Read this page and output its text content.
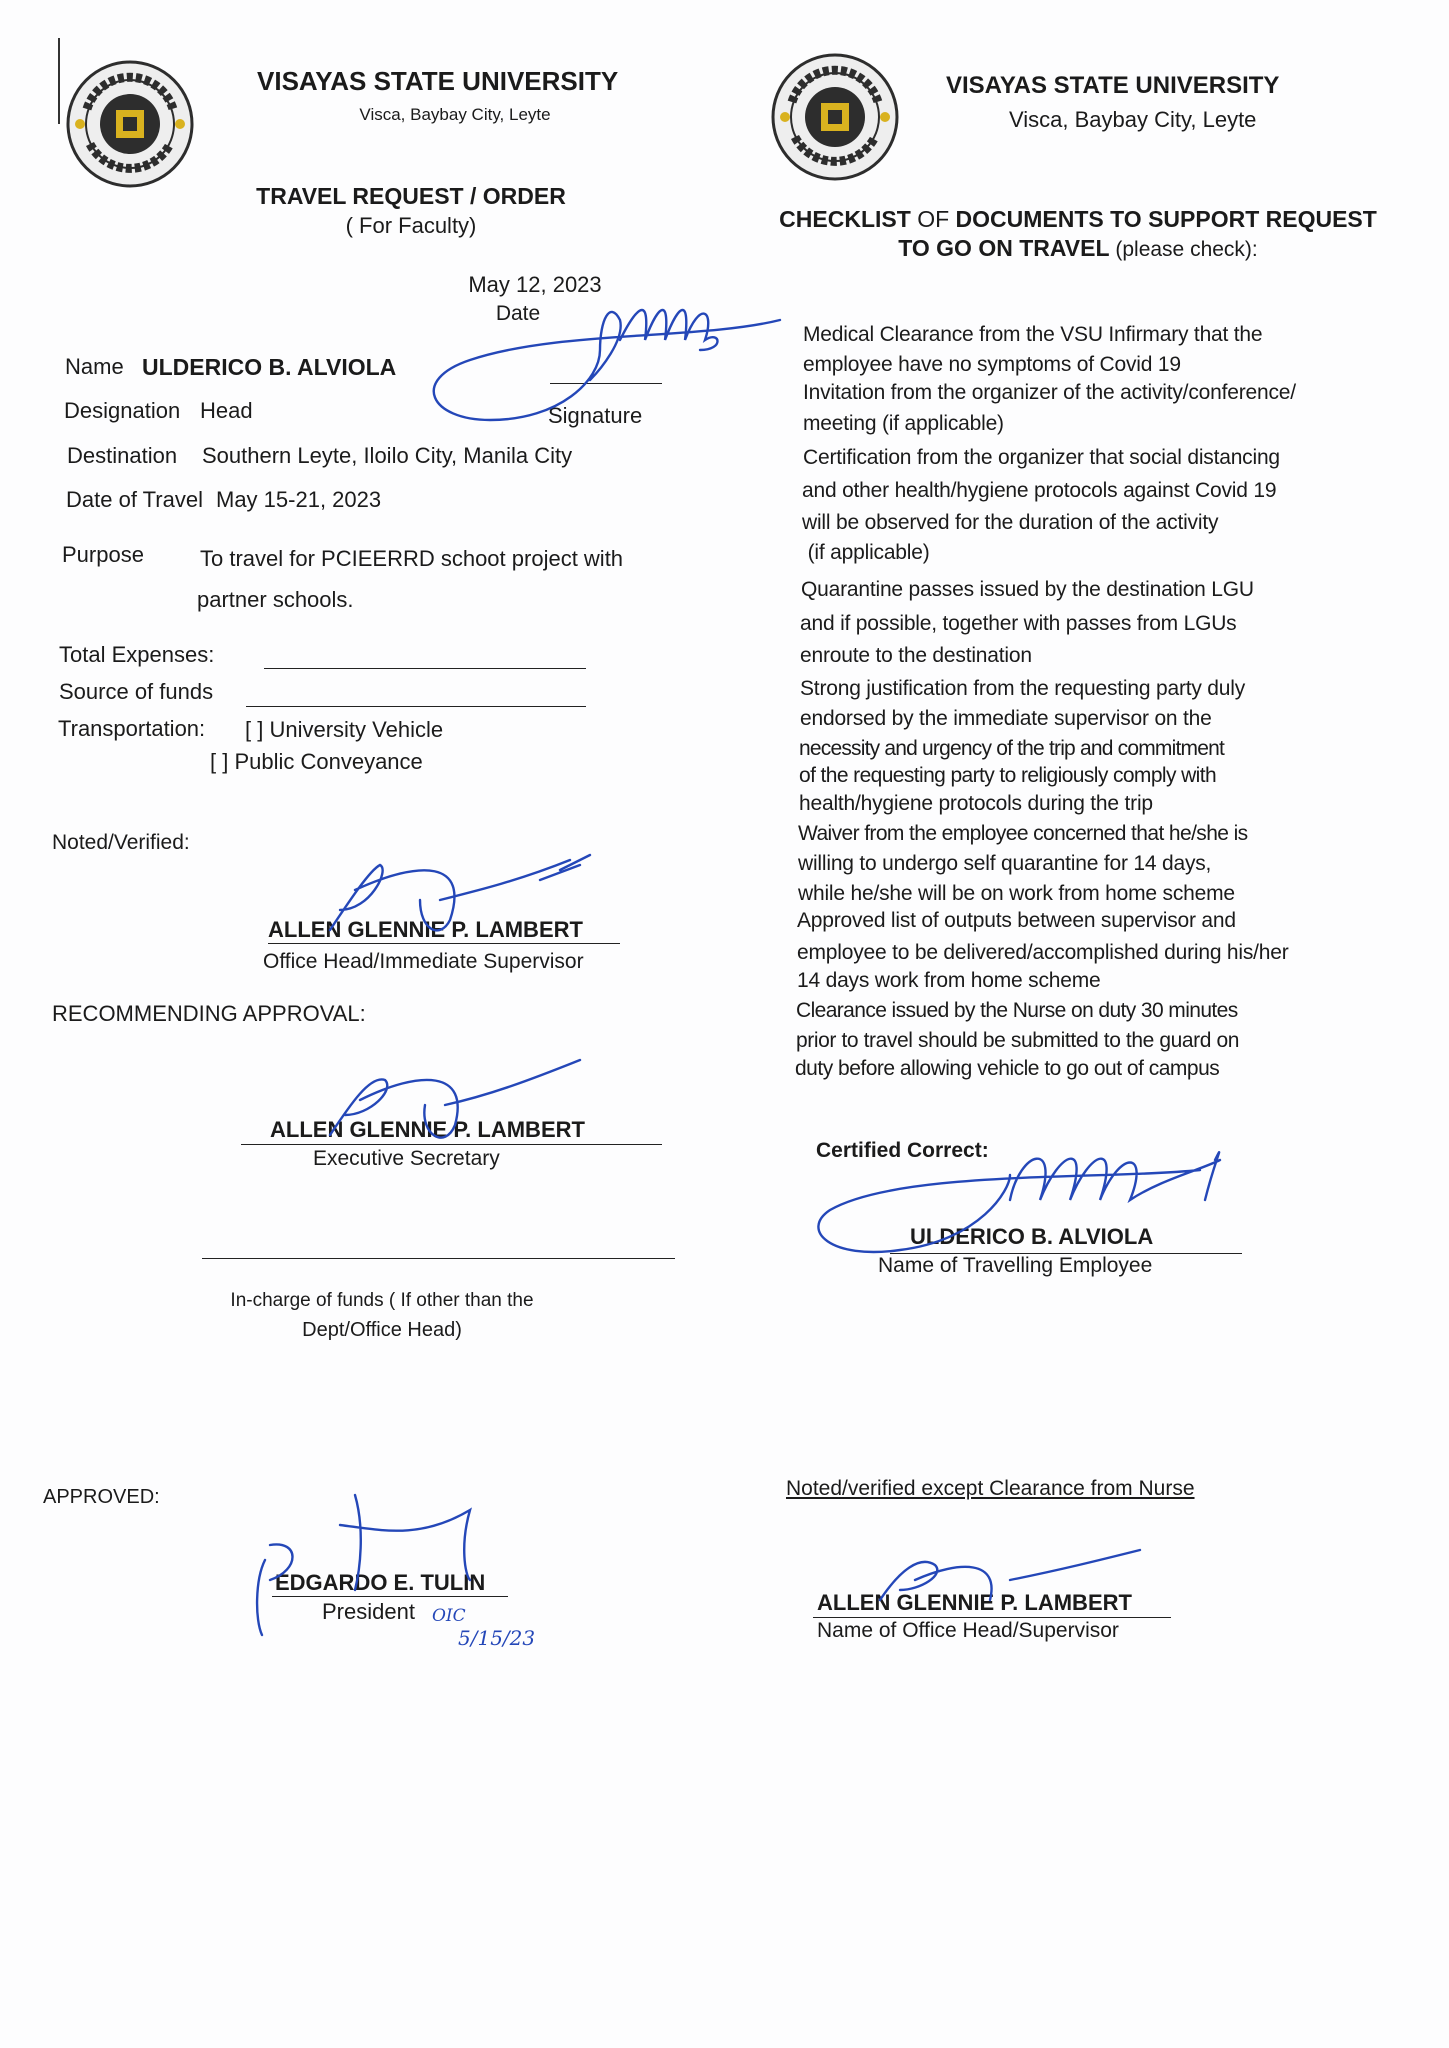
VISAYAS STATE UNIVERSITY
Visca, Baybay City, Leyte
TRAVEL REQUEST / ORDER
( For Faculty)
May 12, 2023
Date
Name ULDERICO B. ALVIOLA
Signature
Designation Head
Destination Southern Leyte, Iloilo City, Manila City
Date of Travel May 15-21, 2023
Purpose	To travel for PCIEERRD schoot project with
partner schools.
Total Expenses:
Source of funds
Transportation: [ ] University Vehicle
[ ] Public Conveyance
Noted/Verified:
ALLEN GLENNIE P. LAMBERT
Office Head/Immediate Supervisor
RECOMMENDING APPROVAL:
ALLEN GLENNIE P. LAMBERT
Executive Secretary
In-charge of funds ( If other than the
Dept/Office Head)
APPROVED:
EDGARDO E. TULIN
President OIC
5/15/23
VISAYAS STATE UNIVERSITY
Visca, Baybay City, Leyte
CHECKLIST OF DOCUMENTS TO SUPPORT REQUEST
TO GO ON TRAVEL (please check):
Medical Clearance from the VSU Infirmary that the
employee have no symptoms of Covid 19
Invitation from the organizer of the activity/conference/
meeting (if applicable)
Certification from the organizer that social distancing
and other health/hygiene protocols against Covid 19
will be observed for the duration of the activity
(if applicable)
Quarantine passes issued by the destination LGU
and if possible, together with passes from LGUs
enroute to the destination
Strong justification from the requesting party duly
endorsed by the immediate supervisor on the
necessity and urgency of the trip and commitment
of the requesting party to religiously comply with
health/hygiene protocols during the trip
Waiver from the employee concerned that he/she is
willing to undergo self quarantine for 14 days,
while he/she will be on work from home scheme
Approved list of outputs between supervisor and
employee to be delivered/accomplished during his/her
14 days work from home scheme
Clearance issued by the Nurse on duty 30 minutes
prior to travel should be submitted to the guard on
duty before allowing vehicle to go out of campus
Certified Correct:
ULDERICO B. ALVIOLA
Name of Travelling Employee
Noted/verified except Clearance from Nurse
ALLEN GLENNIE P. LAMBERT
Name of Office Head/Supervisor
